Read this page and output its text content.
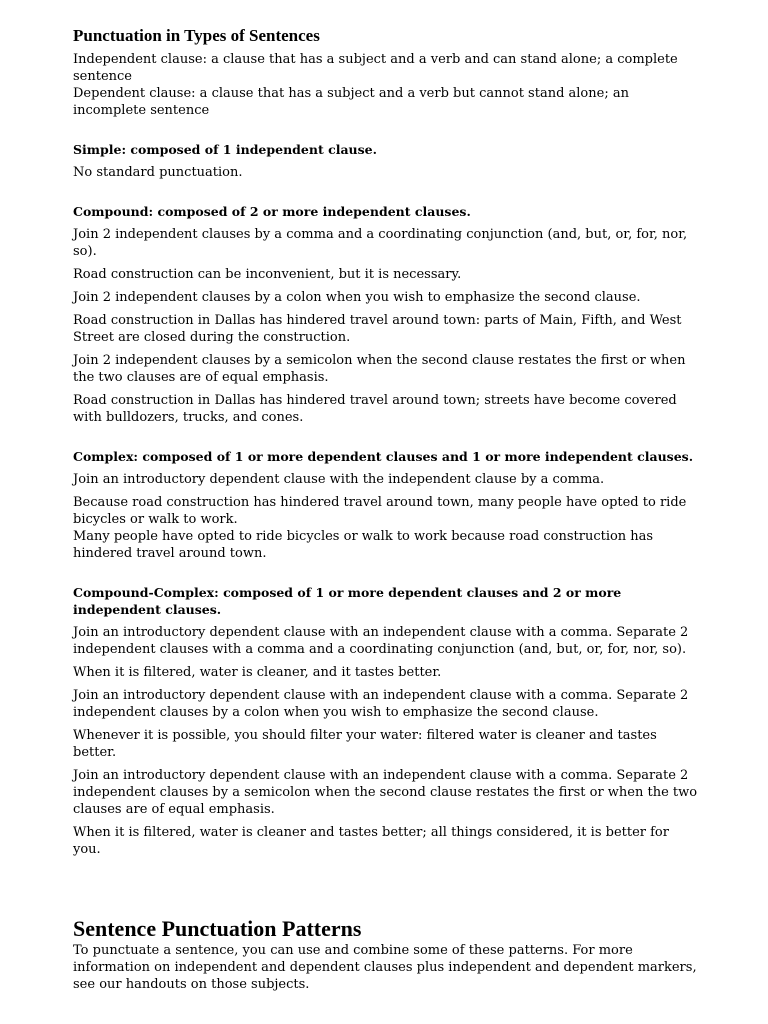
Punctuation in Types of Sentences

Independent clause: a clause that has a subject and a verb and can stand alone; a complete sentence

Dependent clause: a clause that has a subject and a verb but cannot stand alone; an incomplete sentence

Simple: composed of 1 independent clause.

No standard punctuation.

Compound: composed of 2 or more independent clauses.

Join 2 independent clauses by a comma and a coordinating conjunction (and, but, or, for, nor, so).

Road construction can be inconvenient, but it is necessary.

Join 2 independent clauses by a colon when you wish to emphasize the second clause.

Road construction in Dallas has hindered travel around town: parts of Main, Fifth, and West Street are closed during the construction.

Join 2 independent clauses by a semicolon when the second clause restates the first or when the two clauses are of equal emphasis.

Road construction in Dallas has hindered travel around town; streets have become covered with bulldozers, trucks, and cones.

Complex: composed of 1 or more dependent clauses and 1 or more independent clauses.

Join an introductory dependent clause with the independent clause by a comma.

Because road construction has hindered travel around town, many people have opted to ride bicycles or walk to work.

Many people have opted to ride bicycles or walk to work because road construction has hindered travel around town.

Compound-Complex: composed of 1 or more dependent clauses and 2 or more independent clauses.

Join an introductory dependent clause with an independent clause with a comma. Separate 2 independent clauses with a comma and a coordinating conjunction (and, but, or, for, nor, so).

When it is filtered, water is cleaner, and it tastes better.

Join an introductory dependent clause with an independent clause with a comma. Separate 2 independent clauses by a colon when you wish to emphasize the second clause.

Whenever it is possible, you should filter your water: filtered water is cleaner and tastes better.

Join an introductory dependent clause with an independent clause with a comma. Separate 2 independent clauses by a semicolon when the second clause restates the first or when the two clauses are of equal emphasis.

When it is filtered, water is cleaner and tastes better; all things considered, it is better for you.

Sentence Punctuation Patterns

To punctuate a sentence, you can use and combine some of these patterns. For more information on independent and dependent clauses plus independent and dependent markers, see our handouts on those subjects.
